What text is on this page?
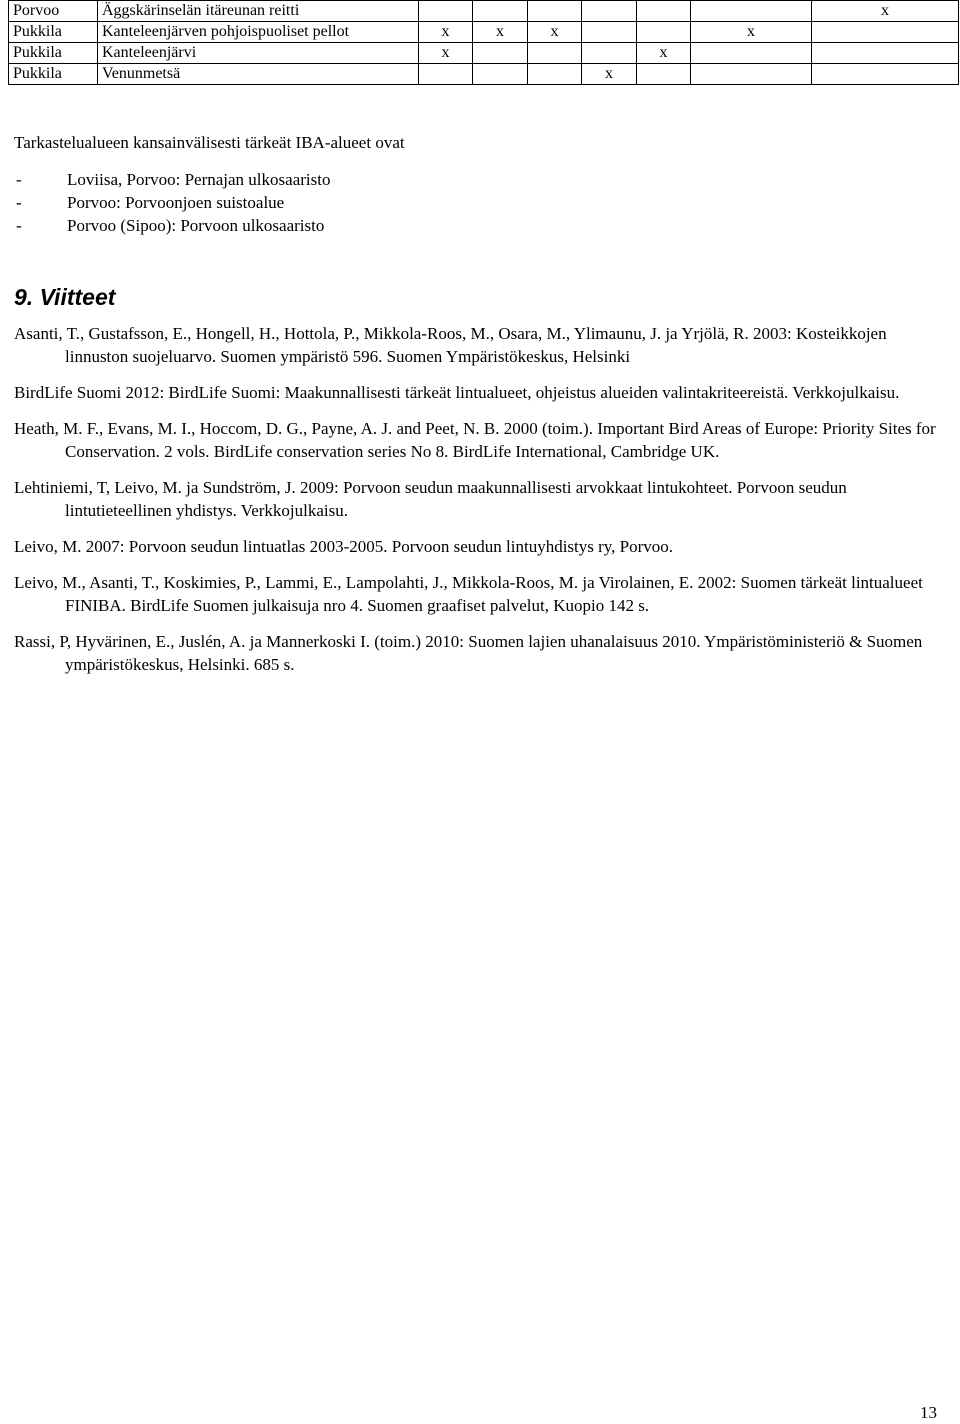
Porvoo	Äggskärinselän itäreunan reitti							x
Pukkila	Kanteleenjärven pohjoispuoliset pellot	x	x	x			x	
Pukkila	Kanteleenjärvi	x				x		
Pukkila	Venunmetsä				x			

Tarkastelualueen kansainvälisesti tärkeät IBA-alueet ovat

-	Loviisa, Porvoo: Pernajan ulkosaaristo
-	Porvoo: Porvoonjoen suistoalue
-	Porvoo (Sipoo): Porvoon ulkosaaristo
9. Viitteet

Asanti, T., Gustafsson, E., Hongell, H., Hottola, P., Mikkola-Roos, M., Osara, M., Ylimaunu, J. ja Yrjölä, R. 2003: Kosteikkojen linnuston suojeluarvo. Suomen ympäristö 596. Suomen Ympäristökeskus, Helsinki

BirdLife Suomi 2012: BirdLife Suomi: Maakunnallisesti tärkeät lintualueet, ohjeistus alueiden valintakriteereistä. Verkkojulkaisu.

Heath, M. F., Evans, M. I., Hoccom, D. G., Payne, A. J. and Peet, N. B. 2000 (toim.). Important Bird Areas of Europe: Priority Sites for Conservation. 2 vols. BirdLife conservation series No 8. BirdLife International, Cambridge UK.

Lehtiniemi, T, Leivo, M. ja Sundström, J. 2009: Porvoon seudun maakunnallisesti arvokkaat lintukohteet. Porvoon seudun lintutieteellinen yhdistys. Verkkojulkaisu.

Leivo, M. 2007: Porvoon seudun lintuatlas 2003-2005. Porvoon seudun lintuyhdistys ry, Porvoo.

Leivo, M., Asanti, T., Koskimies, P., Lammi, E., Lampolahti, J., Mikkola-Roos, M. ja Virolainen, E. 2002: Suomen tärkeät lintualueet FINIBA. BirdLife Suomen julkaisuja nro 4. Suomen graafiset palvelut, Kuopio 142 s.

Rassi, P, Hyvärinen, E., Juslén, A. ja Mannerkoski I. (toim.) 2010: Suomen lajien uhanalaisuus 2010. Ympäristöministeriö & Suomen ympäristökeskus, Helsinki. 685 s.

13
